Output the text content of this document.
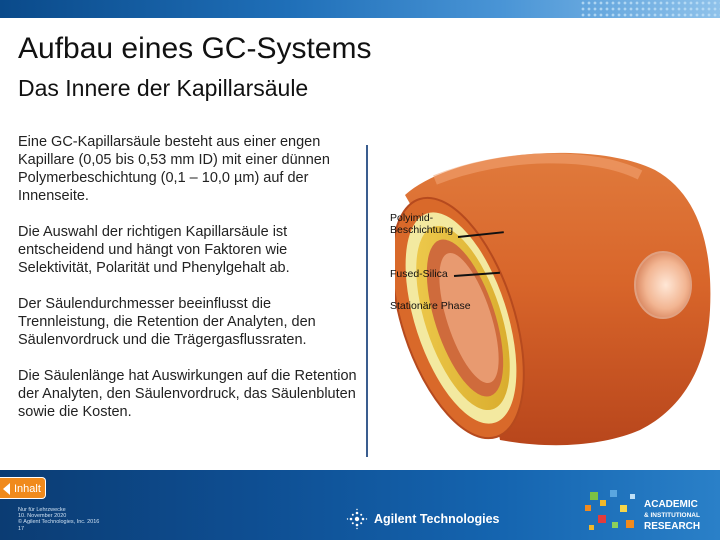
Aufbau eines GC-Systems
Das Innere der Kapillarsäule

Eine GC-Kapillarsäule besteht aus einer engen Kapillare (0,05 bis 0,53 mm ID) mit einer dünnen Polymerbeschichtung (0,1 – 10,0 µm) auf der Innenseite.

Die Auswahl der richtigen Kapillarsäule ist entscheidend und hängt von Faktoren wie Selektivität, Polarität und Phenylgehalt ab.

Der Säulendurchmesser beeinflusst die Trennleistung, die Retention der Analyten, den Säulenvordruck und die Trägergasflussraten.

Die Säulenlänge hat Auswirkungen auf die Retention der Analyten, den Säulenvordruck, das Säulenbluten sowie die Kosten.

Polyimid-
Beschichtung
Fused-Silica
Stationäre Phase
Inhalt
Nur für Lehrzwecke
10. November 2020
© Agilent Technologies, Inc. 2016
17
Agilent Technologies
ACADEMIC
& INSTITUTIONAL
RESEARCH
